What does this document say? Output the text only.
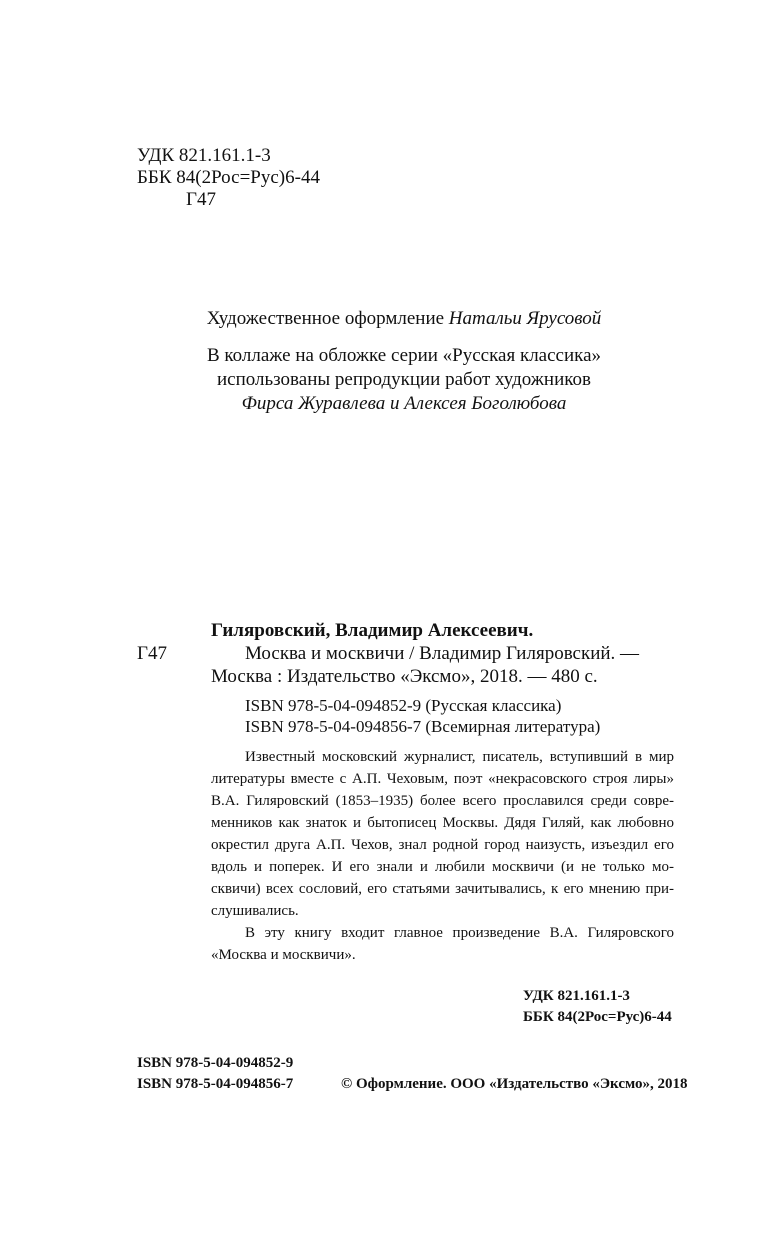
УДК 821.161.1-3
ББК 84(2Рос=Рус)6-44
Г47
Художественное оформление Натальи Ярусовой
В коллаже на обложке серии «Русская классика»
использованы репродукции работ художников
Фирса Журавлева и Алексея Боголюбова
Гиляровский, Владимир Алексеевич.
Г47	Москва и москвичи / Владимир Гиляровский. —
Москва : Издательство «Эксмо», 2018. — 480 с.
ISBN 978-5-04-094852-9 (Русская классика)
ISBN 978-5-04-094856-7 (Всемирная литература)
Известный московский журналист, писатель, вступивший в мир
литературы вместе с А.П. Чеховым, поэт «некрасовского строя лиры»
В.А. Гиляровский (1853–1935) более всего прославился среди совре-
менников как знаток и бытописец Москвы. Дядя Гиляй, как любовно
окрестил друга А.П. Чехов, знал родной город наизусть, изъездил его
вдоль и поперек. И его знали и любили москвичи (и не только мо-
сквичи) всех сословий, его статьями зачитывались, к его мнению при-
слушивались.
В эту книгу входит главное произведение В.А. Гиляровского
«Москва и москвичи».
УДК 821.161.1-3
ББК 84(2Рос=Рус)6-44
ISBN 978-5-04-094852-9
ISBN 978-5-04-094856-7	© Оформление. ООО «Издательство «Эксмо», 2018
